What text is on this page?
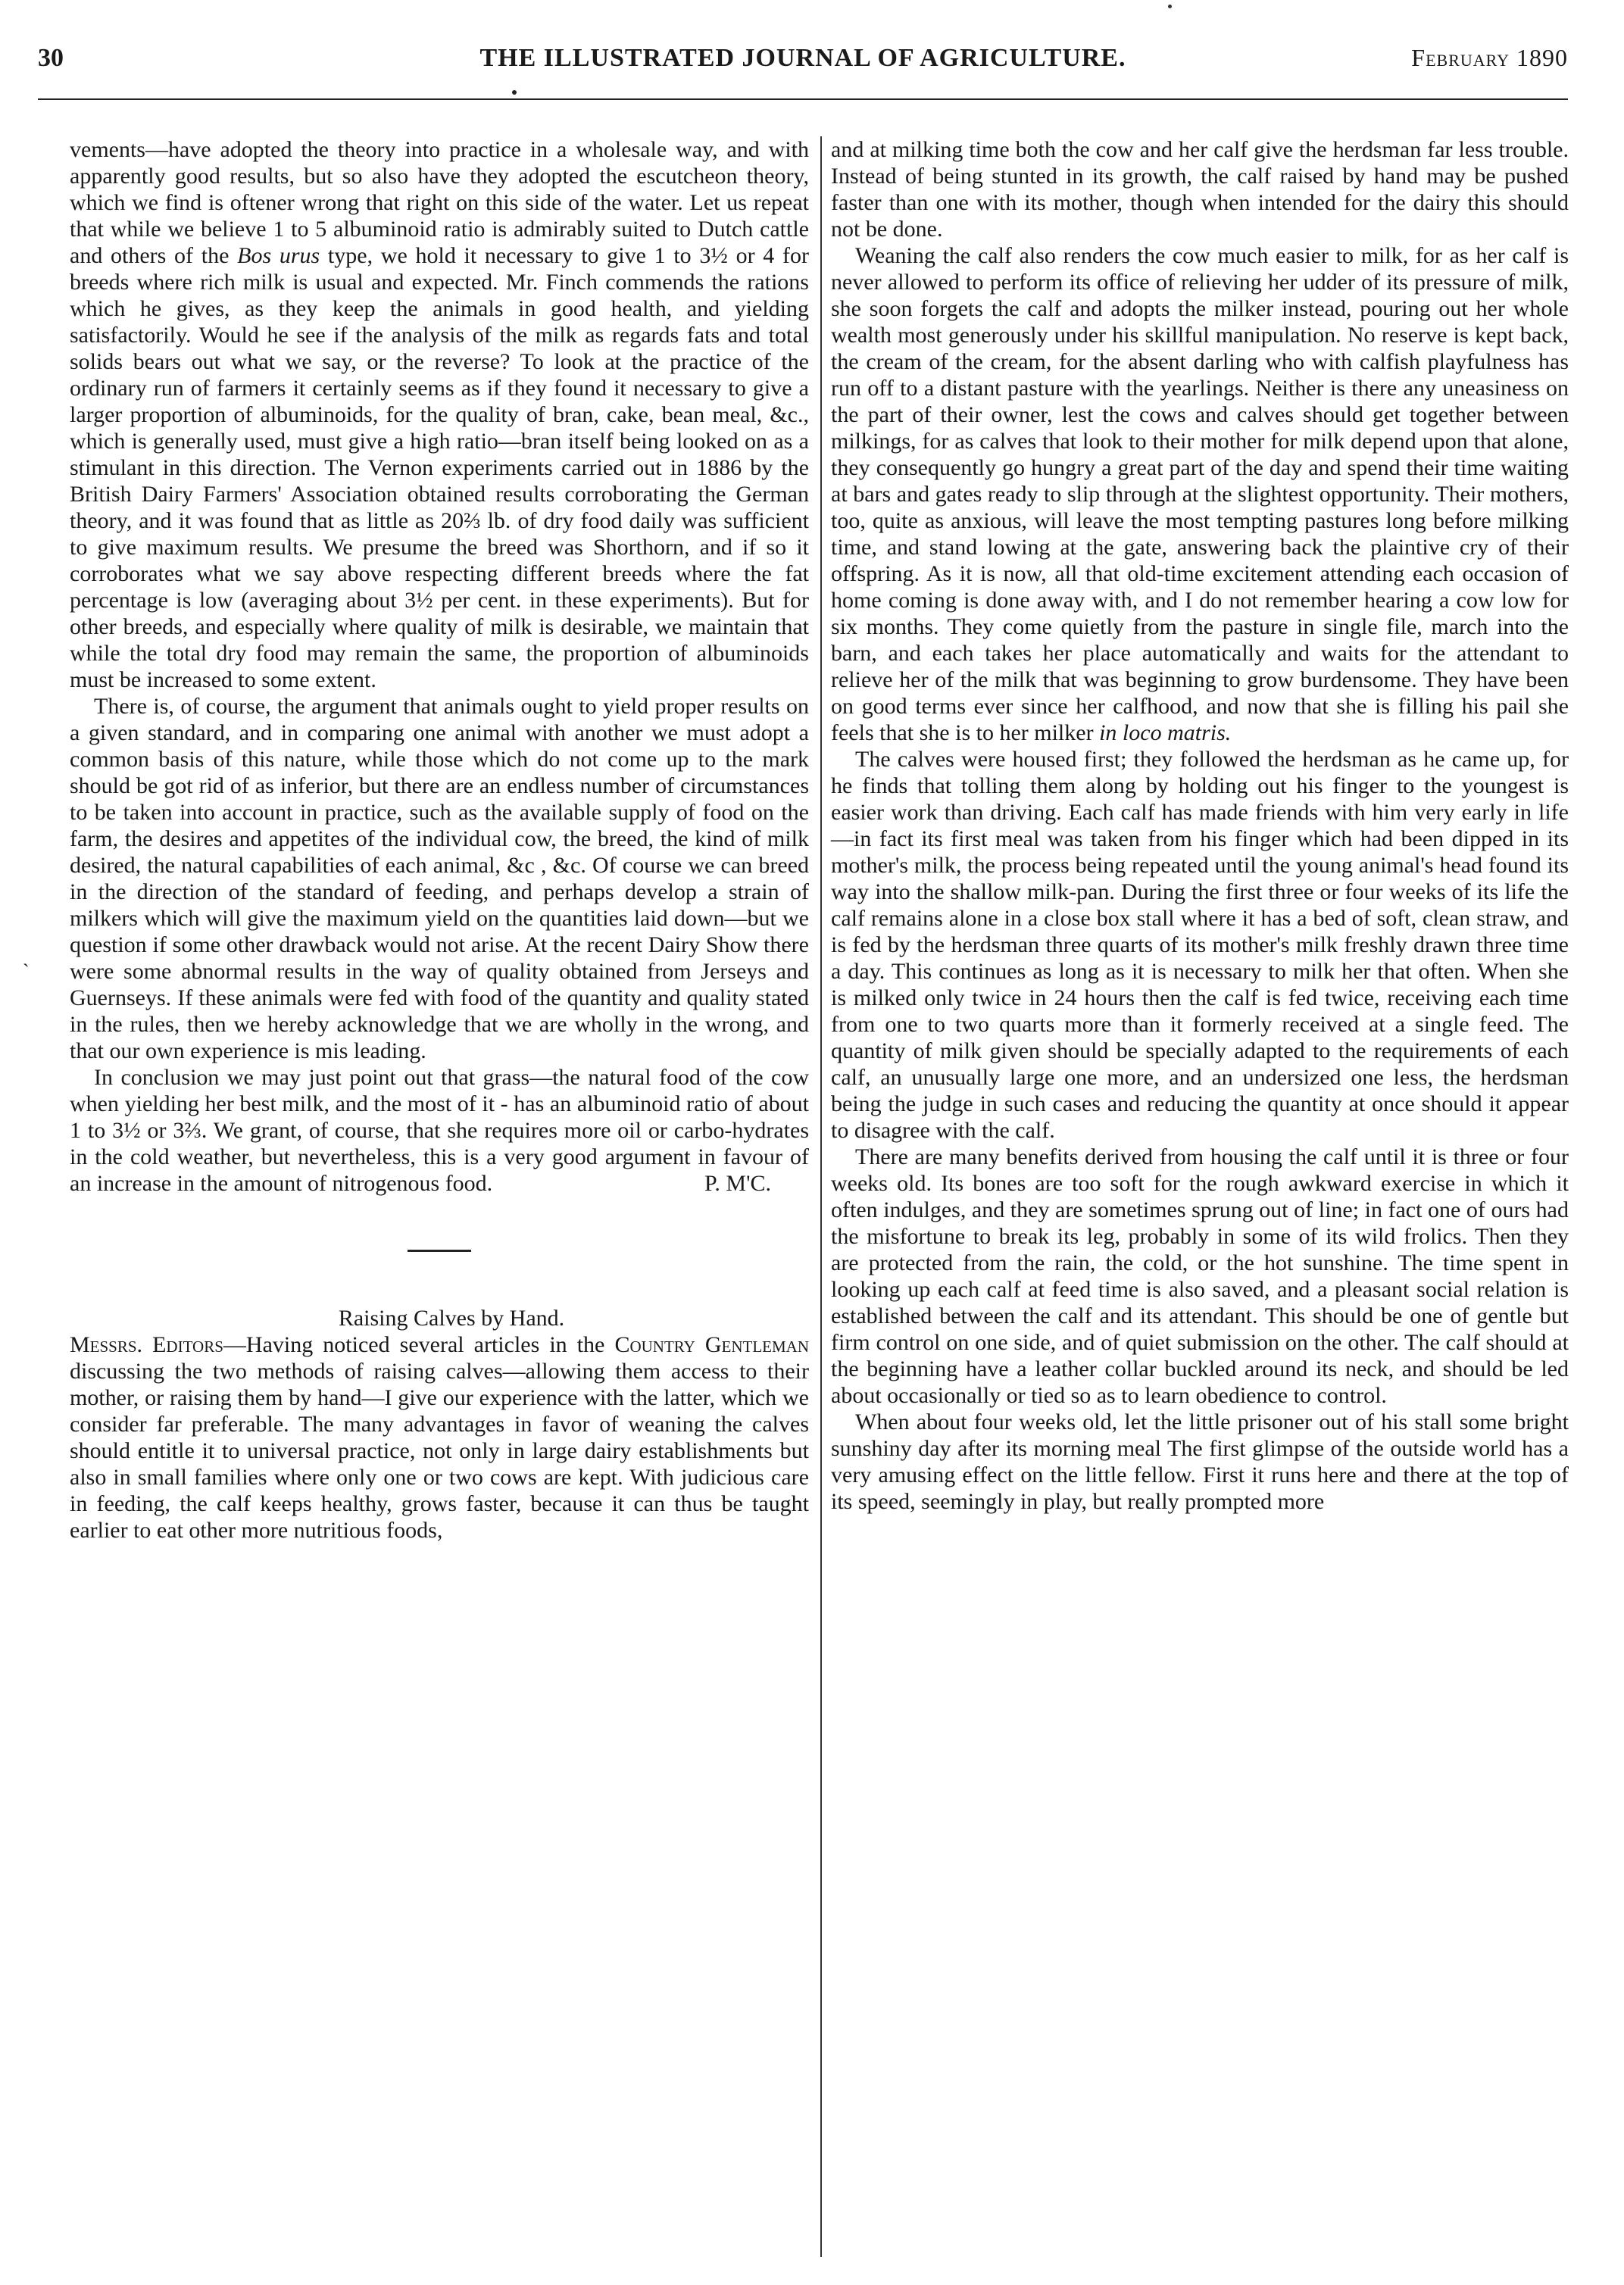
30	THE ILLUSTRATED JOURNAL OF AGRICULTURE.	February 1890
ˋ

vements—have adopted the theory into practice in a wholesale way, and with apparently good results, but so also have they adopted the escutcheon theory, which we find is oftener wrong that right on this side of the water. Let us repeat that while we believe 1 to 5 albuminoid ratio is admirably suited to Dutch cattle and others of the Bos urus type, we hold it necessary to give 1 to 3½ or 4 for breeds where rich milk is usual and expected. Mr. Finch commends the rations which he gives, as they keep the animals in good health, and yielding satisfactorily. Would he see if the analysis of the milk as regards fats and total solids bears out what we say, or the reverse? To look at the practice of the ordinary run of farmers it certainly seems as if they found it necessary to give a larger proportion of albuminoids, for the quality of bran, cake, bean meal, &c., which is generally used, must give a high ratio—bran itself being looked on as a stimulant in this direction. The Vernon experiments carried out in 1886 by the British Dairy Farmers' Association obtained results corroborating the German theory, and it was found that as little as 20⅔ lb. of dry food daily was sufficient to give maximum results. We presume the breed was Shorthorn, and if so it corroborates what we say above respecting different breeds where the fat percentage is low (averaging about 3½ per cent. in these experiments). But for other breeds, and especially where quality of milk is desirable, we maintain that while the total dry food may remain the same, the proportion of albuminoids must be increased to some extent.

There is, of course, the argument that animals ought to yield proper results on a given standard, and in comparing one animal with another we must adopt a common basis of this nature, while those which do not come up to the mark should be got rid of as inferior, but there are an endless number of circumstances to be taken into account in practice, such as the available supply of food on the farm, the desires and appetites of the individual cow, the breed, the kind of milk desired, the natural capabilities of each animal, &c , &c. Of course we can breed in the direction of the standard of feeding, and perhaps develop a strain of milkers which will give the maximum yield on the quantities laid down—but we question if some other drawback would not arise. At the recent Dairy Show there were some abnormal results in the way of quality obtained from Jerseys and Guernseys. If these animals were fed with food of the quantity and quality stated in the rules, then we hereby acknowledge that we are wholly in the wrong, and that our own experience is mis leading.

In conclusion we may just point out that grass—the natural food of the cow when yielding her best milk, and the most of it - has an albuminoid ratio of about 1 to 3½ or 3⅔. We grant, of course, that she requires more oil or carbo-hydrates in the cold weather, but nevertheless, this is a very good argument in favour of an increase in the amount of nitrogenous food.	P. M'C.

Raising Calves by Hand.

Messrs. Editors—Having noticed several articles in the Country Gentleman discussing the two methods of raising calves—allowing them access to their mother, or raising them by hand—I give our experience with the latter, which we consider far preferable. The many advantages in favor of weaning the calves should entitle it to universal practice, not only in large dairy establishments but also in small families where only one or two cows are kept. With judicious care in feeding, the calf keeps healthy, grows faster, because it can thus be taught earlier to eat other more nutritious foods,

and at milking time both the cow and her calf give the herdsman far less trouble. Instead of being stunted in its growth, the calf raised by hand may be pushed faster than one with its mother, though when intended for the dairy this should not be done.

Weaning the calf also renders the cow much easier to milk, for as her calf is never allowed to perform its office of relieving her udder of its pressure of milk, she soon forgets the calf and adopts the milker instead, pouring out her whole wealth most generously under his skillful manipulation. No reserve is kept back, the cream of the cream, for the absent darling who with calfish playfulness has run off to a distant pasture with the yearlings. Neither is there any uneasiness on the part of their owner, lest the cows and calves should get together between milkings, for as calves that look to their mother for milk depend upon that alone, they consequently go hungry a great part of the day and spend their time waiting at bars and gates ready to slip through at the slightest opportunity. Their mothers, too, quite as anxious, will leave the most tempting pastures long before milking time, and stand lowing at the gate, answering back the plaintive cry of their offspring. As it is now, all that old-time excitement attending each occasion of home coming is done away with, and I do not remember hearing a cow low for six months. They come quietly from the pasture in single file, march into the barn, and each takes her place automatically and waits for the attendant to relieve her of the milk that was beginning to grow burdensome. They have been on good terms ever since her calfhood, and now that she is filling his pail she feels that she is to her milker in loco matris.

The calves were housed first; they followed the herdsman as he came up, for he finds that tolling them along by holding out his finger to the youngest is easier work than driving. Each calf has made friends with him very early in life—in fact its first meal was taken from his finger which had been dipped in its mother's milk, the process being repeated until the young animal's head found its way into the shallow milk-pan. During the first three or four weeks of its life the calf remains alone in a close box stall where it has a bed of soft, clean straw, and is fed by the herdsman three quarts of its mother's milk freshly drawn three time a day. This continues as long as it is necessary to milk her that often. When she is milked only twice in 24 hours then the calf is fed twice, receiving each time from one to two quarts more than it formerly received at a single feed. The quantity of milk given should be specially adapted to the requirements of each calf, an unusually large one more, and an undersized one less, the herdsman being the judge in such cases and reducing the quantity at once should it appear to disagree with the calf.

There are many benefits derived from housing the calf until it is three or four weeks old. Its bones are too soft for the rough awkward exercise in which it often indulges, and they are sometimes sprung out of line; in fact one of ours had the misfortune to break its leg, probably in some of its wild frolics. Then they are protected from the rain, the cold, or the hot sunshine. The time spent in looking up each calf at feed time is also saved, and a pleasant social relation is established between the calf and its attendant. This should be one of gentle but firm control on one side, and of quiet submission on the other. The calf should at the beginning have a leather collar buckled around its neck, and should be led about occasionally or tied so as to learn obedience to control.

When about four weeks old, let the little prisoner out of his stall some bright sunshiny day after its morning meal The first glimpse of the outside world has a very amusing effect on the little fellow. First it runs here and there at the top of its speed, seemingly in play, but really prompted more
